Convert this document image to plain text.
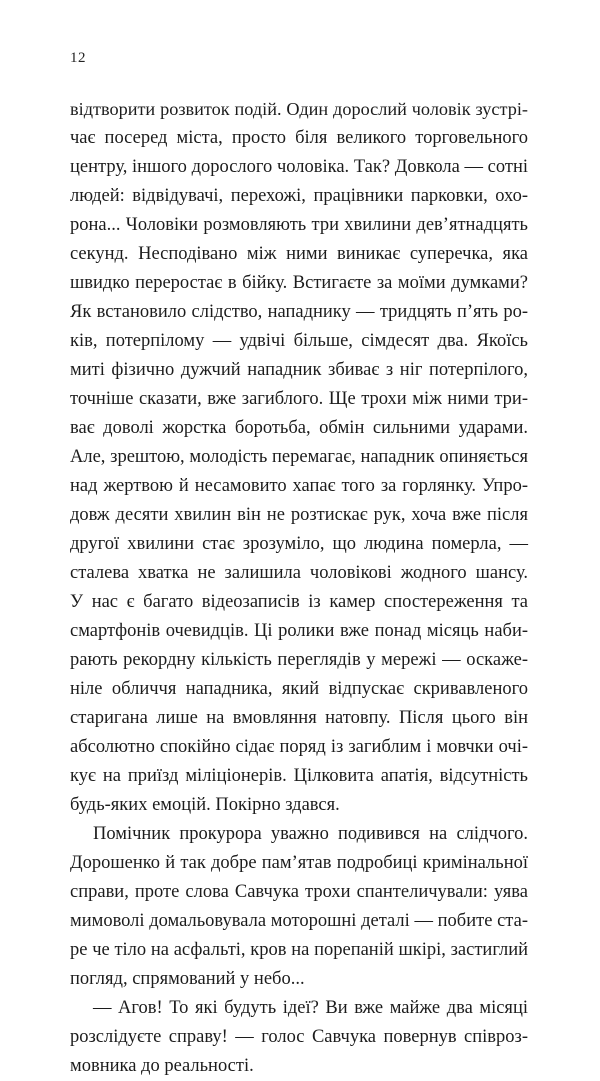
12
відтворити розвиток подій. Один дорослий чоловік зустрі-
чає посеред міста, просто біля великого торговельного
центру, іншого дорослого чоловіка. Так? Довкола — сотні
людей: відвідувачі, перехожі, працівники парковки, охо-
рона... Чоловіки розмовляють три хвилини дев’ятнадцять
секунд. Несподівано між ними виникає суперечка, яка
швидко переростає в бійку. Встигаєте за моїми думками?
Як встановило слідство, нападнику — тридцять п’ять ро-
ків, потерпілому — удвічі більше, сімдесят два. Якоїсь
миті фізично дужчий нападник збиває з ніг потерпілого,
точніше сказати, вже загиблого. Ще трохи між ними три-
ває доволі жорстка боротьба, обмін сильними ударами.
Але, зрештою, молодість перемагає, нападник опиняється
над жертвою й несамовито хапає того за горлянку. Упро-
довж десяти хвилин він не розтискає рук, хоча вже після
другої хвилини стає зрозуміло, що людина померла, —
сталева хватка не залишила чоловікові жодного шансу.
У нас є багато відеозаписів із камер спостереження та
смартфонів очевидців. Ці ролики вже понад місяць наби-
рають рекордну кількість переглядів у мережі — оскаже-
ніле обличчя нападника, який відпускає скривавленого
старигана лише на вмовляння натовпу. Після цього він
абсолютно спокійно сідає поряд із загиблим і мовчки очі-
кує на приїзд міліціонерів. Цілковита апатія, відсутність
будь-яких емоцій. Покірно здався.
Помічник прокурора уважно подивився на слідчого.
Дорошенко й так добре пам’ятав подробиці кримінальної
справи, проте слова Савчука трохи спантеличували: уява
мимоволі домальовувала моторошні деталі — побите ста-
ре че тіло на асфальті, кров на порепаній шкірі, застиглий
погляд, спрямований у небо...
— Агов! То які будуть ідеї? Ви вже майже два місяці
розслідуєте справу! — голос Савчука повернув співроз-
мовника до реальності.
